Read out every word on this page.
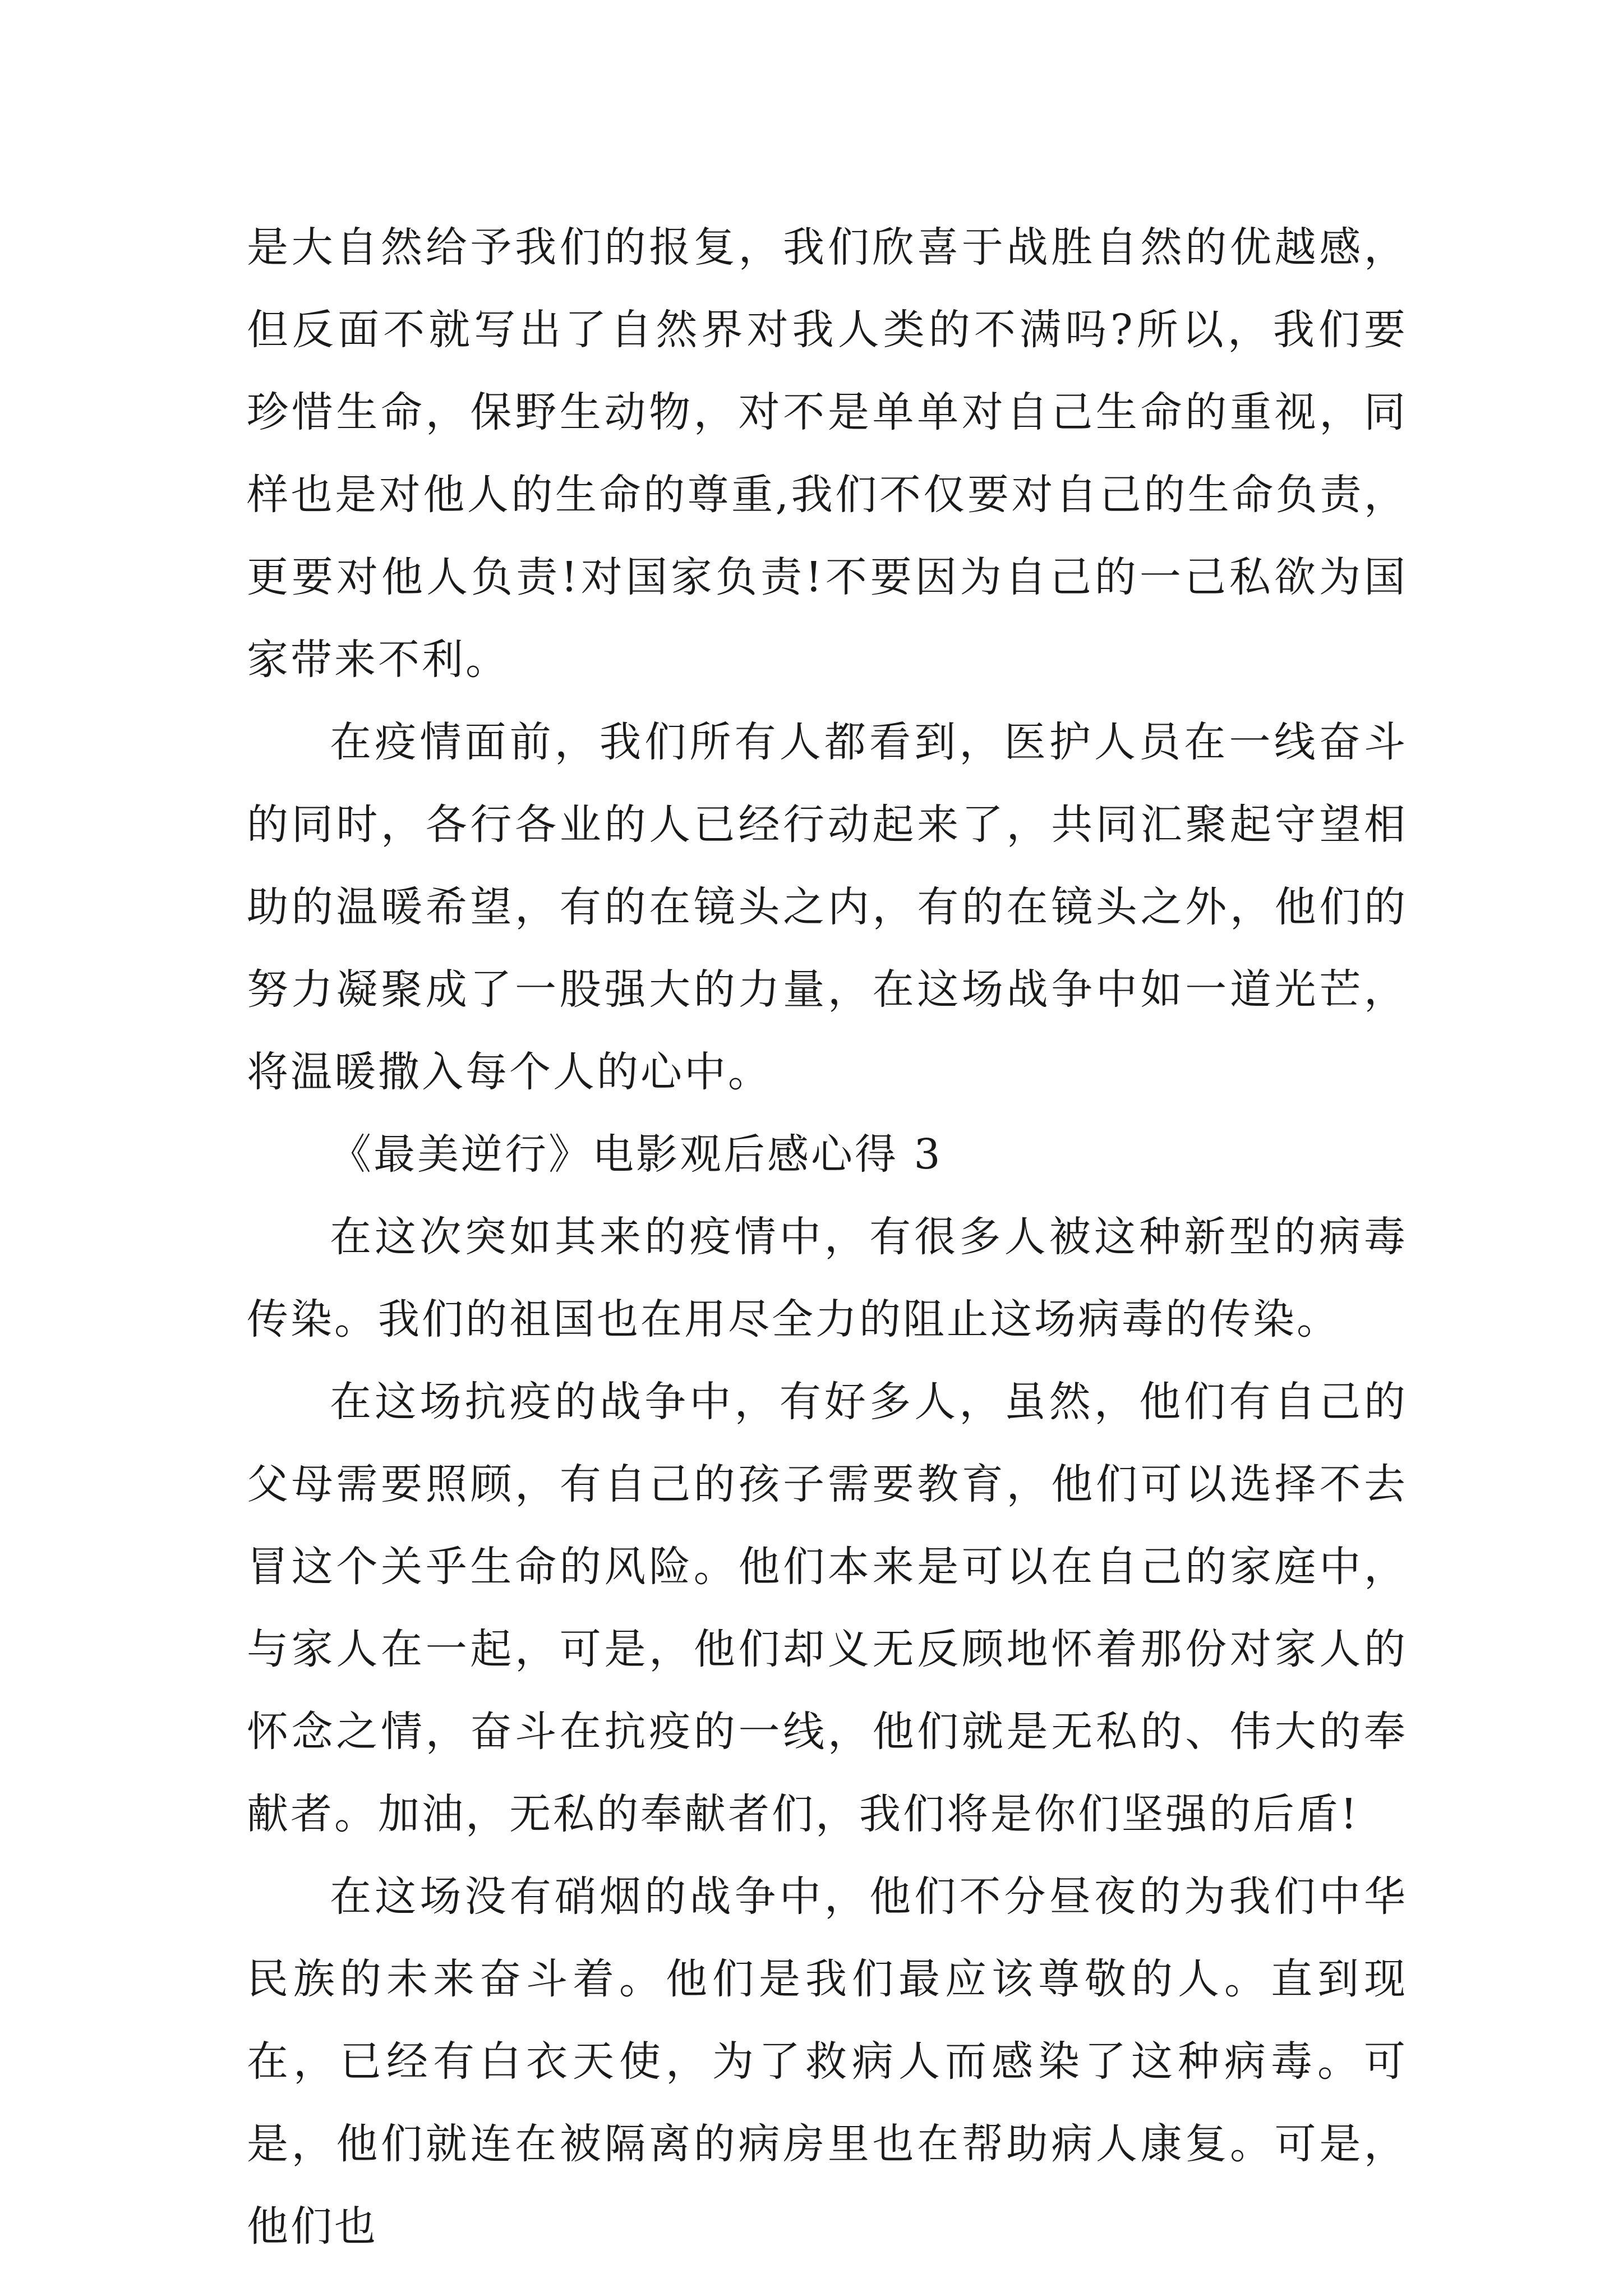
是大自然给予我们的报复，我们欣喜于战胜自然的优越感，但反面不就写出了自然界对我人类的不满吗?所以，我们要珍惜生命，保野生动物，对不是单单对自己生命的重视，同样也是对他人的生命的尊重,我们不仅要对自己的生命负责，更要对他人负责!对国家负责!不要因为自己的一己私欲为国家带来不利。

在疫情面前，我们所有人都看到，医护人员在一线奋斗的同时，各行各业的人已经行动起来了，共同汇聚起守望相助的温暖希望，有的在镜头之内，有的在镜头之外，他们的努力凝聚成了一股强大的力量，在这场战争中如一道光芒，将温暖撒入每个人的心中。

《最美逆行》电影观后感心得 3

在这次突如其来的疫情中，有很多人被这种新型的病毒传染。我们的祖国也在用尽全力的阻止这场病毒的传染。

在这场抗疫的战争中，有好多人，虽然，他们有自己的父母需要照顾，有自己的孩子需要教育，他们可以选择不去冒这个关乎生命的风险。他们本来是可以在自己的家庭中，与家人在一起，可是，他们却义无反顾地怀着那份对家人的怀念之情，奋斗在抗疫的一线，他们就是无私的、伟大的奉献者。加油，无私的奉献者们，我们将是你们坚强的后盾!

在这场没有硝烟的战争中，他们不分昼夜的为我们中华民族的未来奋斗着。他们是我们最应该尊敬的人。直到现在，已经有白衣天使，为了救病人而感染了这种病毒。可是，他们就连在被隔离的病房里也在帮助病人康复。可是，他们也
